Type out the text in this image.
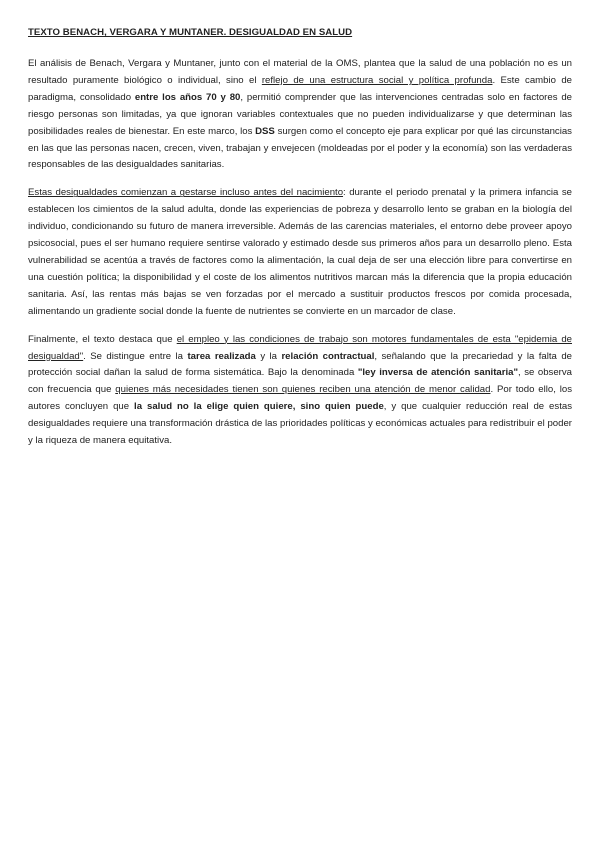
TEXTO BENACH, VERGARA Y MUNTANER. DESIGUALDAD EN SALUD

El análisis de Benach, Vergara y Muntaner, junto con el material de la OMS, plantea que la salud de una población no es un resultado puramente biológico o individual, sino el reflejo de una estructura social y política profunda. Este cambio de paradigma, consolidado entre los años 70 y 80, permitió comprender que las intervenciones centradas solo en factores de riesgo personas son limitadas, ya que ignoran variables contextuales que no pueden individualizarse y que determinan las posibilidades reales de bienestar. En este marco, los DSS surgen como el concepto eje para explicar por qué las circunstancias en las que las personas nacen, crecen, viven, trabajan y envejecen (moldeadas por el poder y la economía) son las verdaderas responsables de las desigualdades sanitarias.

Estas desigualdades comienzan a gestarse incluso antes del nacimiento: durante el periodo prenatal y la primera infancia se establecen los cimientos de la salud adulta, donde las experiencias de pobreza y desarrollo lento se graban en la biología del individuo, condicionando su futuro de manera irreversible. Además de las carencias materiales, el entorno debe proveer apoyo psicosocial, pues el ser humano requiere sentirse valorado y estimado desde sus primeros años para un desarrollo pleno. Esta vulnerabilidad se acentúa a través de factores como la alimentación, la cual deja de ser una elección libre para convertirse en una cuestión política; la disponibilidad y el coste de los alimentos nutritivos marcan más la diferencia que la propia educación sanitaria. Así, las rentas más bajas se ven forzadas por el mercado a sustituir productos frescos por comida procesada, alimentando un gradiente social donde la fuente de nutrientes se convierte en un marcador de clase.

Finalmente, el texto destaca que el empleo y las condiciones de trabajo son motores fundamentales de esta "epidemia de desigualdad". Se distingue entre la tarea realizada y la relación contractual, señalando que la precariedad y la falta de protección social dañan la salud de forma sistemática. Bajo la denominada "ley inversa de atención sanitaria", se observa con frecuencia que quienes más necesidades tienen son quienes reciben una atención de menor calidad. Por todo ello, los autores concluyen que la salud no la elige quien quiere, sino quien puede, y que cualquier reducción real de estas desigualdades requiere una transformación drástica de las prioridades políticas y económicas actuales para redistribuir el poder y la riqueza de manera equitativa.
